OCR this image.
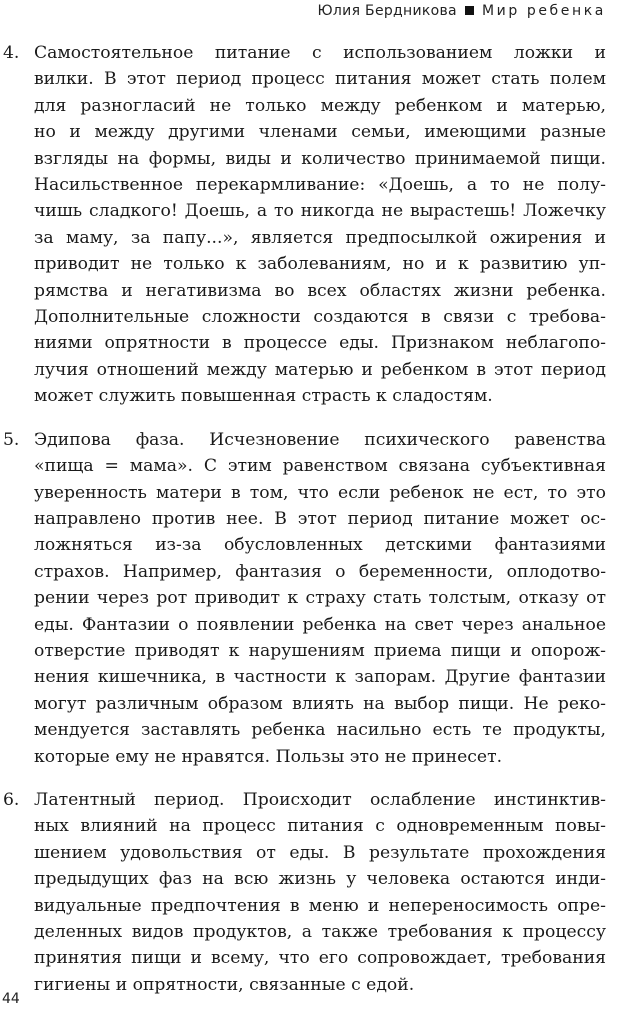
Юлия Бердникова Мир ребенка
4. Самостоятельное питание с использованием ложки и
вилки. В этот период процесс питания может стать полем
для разногласий не только между ребенком и матерью,
но и между другими членами семьи, имеющими разные
взгляды на формы, виды и количество принимаемой пищи.
Насильственное перекармливание: «Доешь, а то не полу-
чишь сладкого! Доешь, а то никогда не вырастешь! Ложечку
за маму, за папу...», является предпосылкой ожирения и
приводит не только к заболеваниям, но и к развитию уп-
рямства и негативизма во всех областях жизни ребенка.
Дополнительные сложности создаются в связи с требова-
ниями опрятности в процессе еды. Признаком неблагопо-
лучия отношений между матерью и ребенком в этот период
может служить повышенная страсть к сладостям.
5. Эдипова фаза. Исчезновение психического равенства
«пища = мама». С этим равенством связана субъективная
уверенность матери в том, что если ребенок не ест, то это
направлено против нее. В этот период питание может ос-
ложняться из-за обусловленных детскими фантазиями
страхов. Например, фантазия о беременности, оплодотво-
рении через рот приводит к страху стать толстым, отказу от
еды. Фантазии о появлении ребенка на свет через анальное
отверстие приводят к нарушениям приема пищи и опорож-
нения кишечника, в частности к запорам. Другие фантазии
могут различным образом влиять на выбор пищи. Не реко-
мендуется заставлять ребенка насильно есть те продукты,
которые ему не нравятся. Пользы это не принесет.
6. Латентный период. Происходит ослабление инстинктив-
ных влияний на процесс питания с одновременным повы-
шением удовольствия от еды. В результате прохождения
предыдущих фаз на всю жизнь у человека остаются инди-
видуальные предпочтения в меню и непереносимость опре-
деленных видов продуктов, а также требования к процессу
принятия пищи и всему, что его сопровождает, требования
гигиены и опрятности, связанные с едой.
44
